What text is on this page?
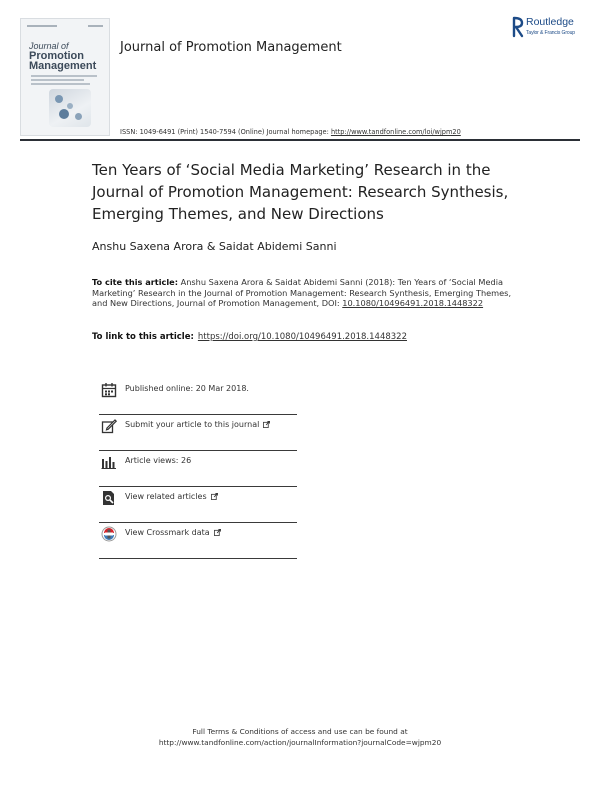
Journal of
Promotion
Management
Routledge
Taylor & Francis Group
Journal of Promotion Management
ISSN: 1049-6491 (Print) 1540-7594 (Online) Journal homepage: http://www.tandfonline.com/loi/wjpm20
Ten Years of ‘Social Media Marketing’ Research in the Journal of Promotion Management: Research Synthesis, Emerging Themes, and New Directions
Anshu Saxena Arora & Saidat Abidemi Sanni
To cite this article: Anshu Saxena Arora & Saidat Abidemi Sanni (2018): Ten Years of ‘Social Media Marketing’ Research in the Journal of Promotion Management: Research Synthesis, Emerging Themes, and New Directions, Journal of Promotion Management, DOI: 10.1080/10496491.2018.1448322
To link to this article: https://doi.org/10.1080/10496491.2018.1448322
Published online: 20 Mar 2018.
Submit your article to this journal
Article views: 26
View related articles
View Crossmark data
Full Terms & Conditions of access and use can be found at
http://www.tandfonline.com/action/journalInformation?journalCode=wjpm20
